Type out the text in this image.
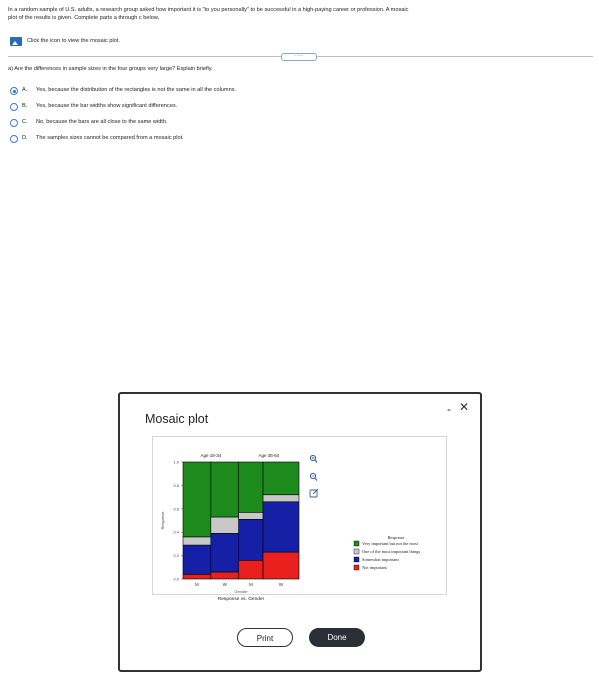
In a random sample of U.S. adults, a research group asked how important it is "to you personally" to be successful in a high-paying career or profession. A mosaic
plot of the results is given. Complete parts a through c below.
Click the icon to view the mosaic plot.
·····
a) Are the differences in sample sizes in the four groups very large? Explain briefly.
A. Yes, because the distribution of the rectangles is not the same in all the columns.
B. Yes, because the bar widths show significant differences.
C. No, because the bars are all close to the same width.
D. The samples sizes cannot be compared from a mosaic plot.
Mosaic plot
- ✕
M	W	M	W
Age 18-34	Age 35-64
0.0
0.2
0.4
0.6
0.8
1.0
Response
Gender
Response vs. Gender
Response
Very important but not the most
One of the most important things
Somewhat important
Not important
Print	Done
